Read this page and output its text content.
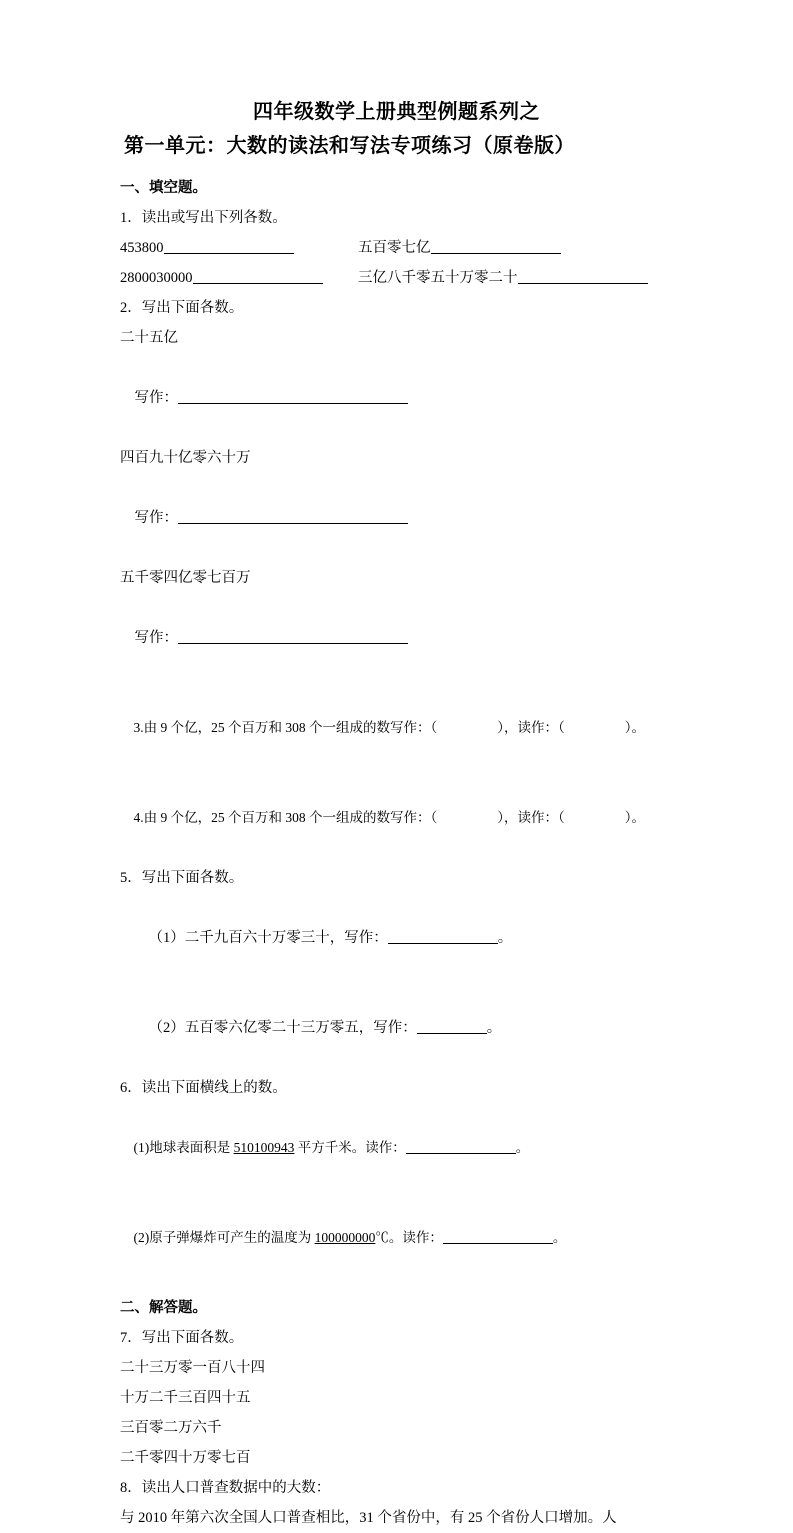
四年级数学上册典型例题系列之
第一单元：大数的读法和写法专项练习（原卷版）
一、填空题。
1．读出或写出下列各数。
453800	五百零七亿
2800030000	三亿八千零五十万零二十
2．写出下面各数。
二十五亿

写作：

四百九十亿零六十万

写作：

五千零四亿零七百万

写作：

3.由 9 个亿，25 个百万和 308 个一组成的数写作：（	），读作：（	）。

4.由 9 个亿，25 个百万和 308 个一组成的数写作：（	），读作：（	）。

5．写出下面各数。

（1）二千九百六十万零三十，写作：	。

（2）五百零六亿零二十三万零五，写作：	。

6．读出下面横线上的数。

(1)地球表面积是 510100943 平方千米。读作：	。

(2)原子弹爆炸可产生的温度为 100000000℃。读作：	。

二、解答题。
7．写出下面各数。
二十三万零一百八十四
十万二千三百四十五
三百零二万六千
二千零四十万零七百
8．读出人口普查数据中的大数：
与 2010 年第六次全国人口普查相比，31 个省份中，有 25 个省份人口增加。人
